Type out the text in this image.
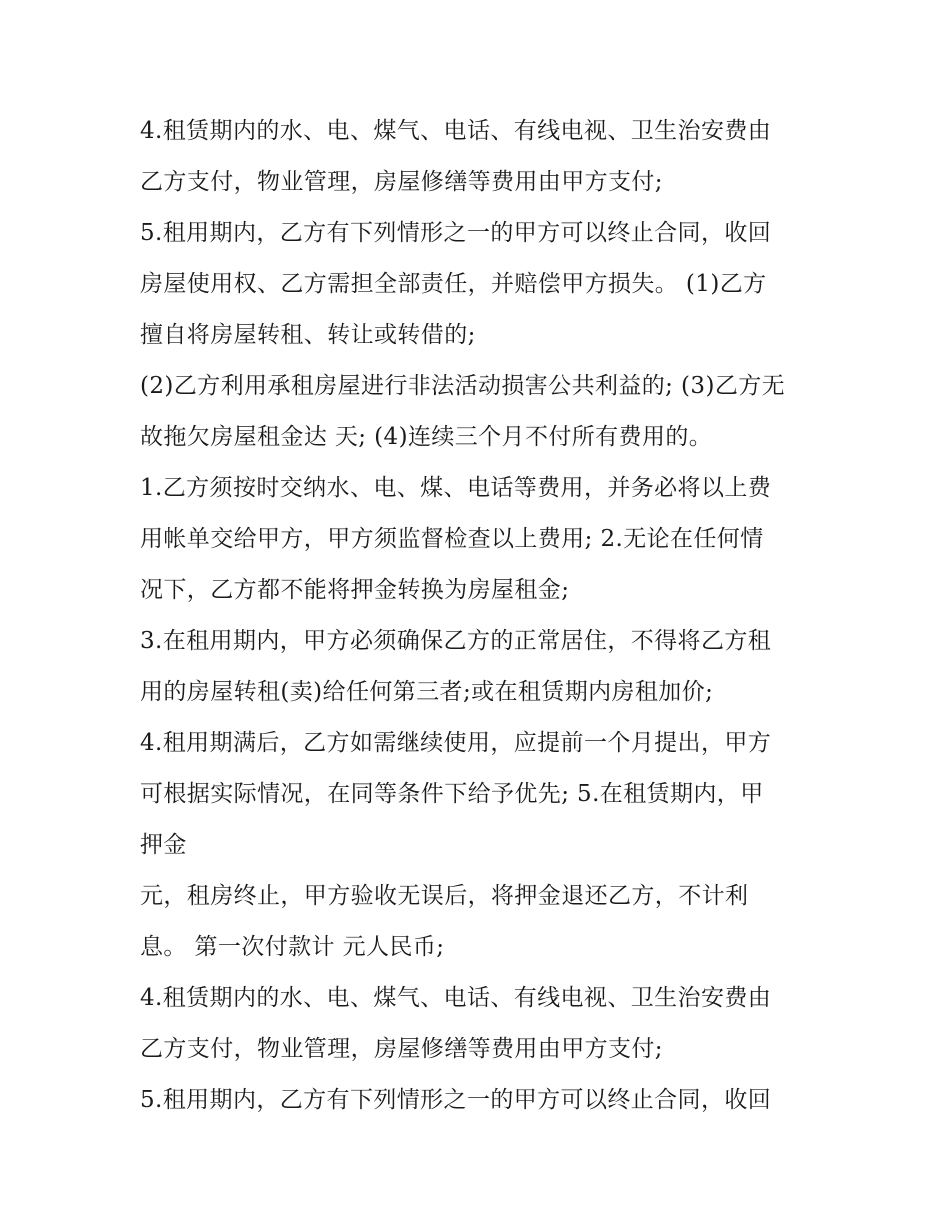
4.租赁期内的水、电、煤气、电话、有线电视、卫生治安费由
乙方支付，物业管理，房屋修缮等费用由甲方支付;
5.租用期内，乙方有下列情形之一的甲方可以终止合同，收回
房屋使用权、乙方需担全部责任，并赔偿甲方损失。 (1)乙方
擅自将房屋转租、转让或转借的;
(2)乙方利用承租房屋进行非法活动损害公共利益的; (3)乙方无
故拖欠房屋租金达 天; (4)连续三个月不付所有费用的。
1.乙方须按时交纳水、电、煤、电话等费用，并务必将以上费
用帐单交给甲方，甲方须监督检查以上费用; 2.无论在任何情
况下，乙方都不能将押金转换为房屋租金;
3.在租用期内，甲方必须确保乙方的正常居住，不得将乙方租
用的房屋转租(卖)给任何第三者;或在租赁期内房租加价;
4.租用期满后，乙方如需继续使用，应提前一个月提出，甲方
可根据实际情况，在同等条件下给予优先; 5.在租赁期内，甲
押金
元，租房终止，甲方验收无误后，将押金退还乙方，不计利
息。 第一次付款计 元人民币;
4.租赁期内的水、电、煤气、电话、有线电视、卫生治安费由
乙方支付，物业管理，房屋修缮等费用由甲方支付;
5.租用期内，乙方有下列情形之一的甲方可以终止合同，收回
